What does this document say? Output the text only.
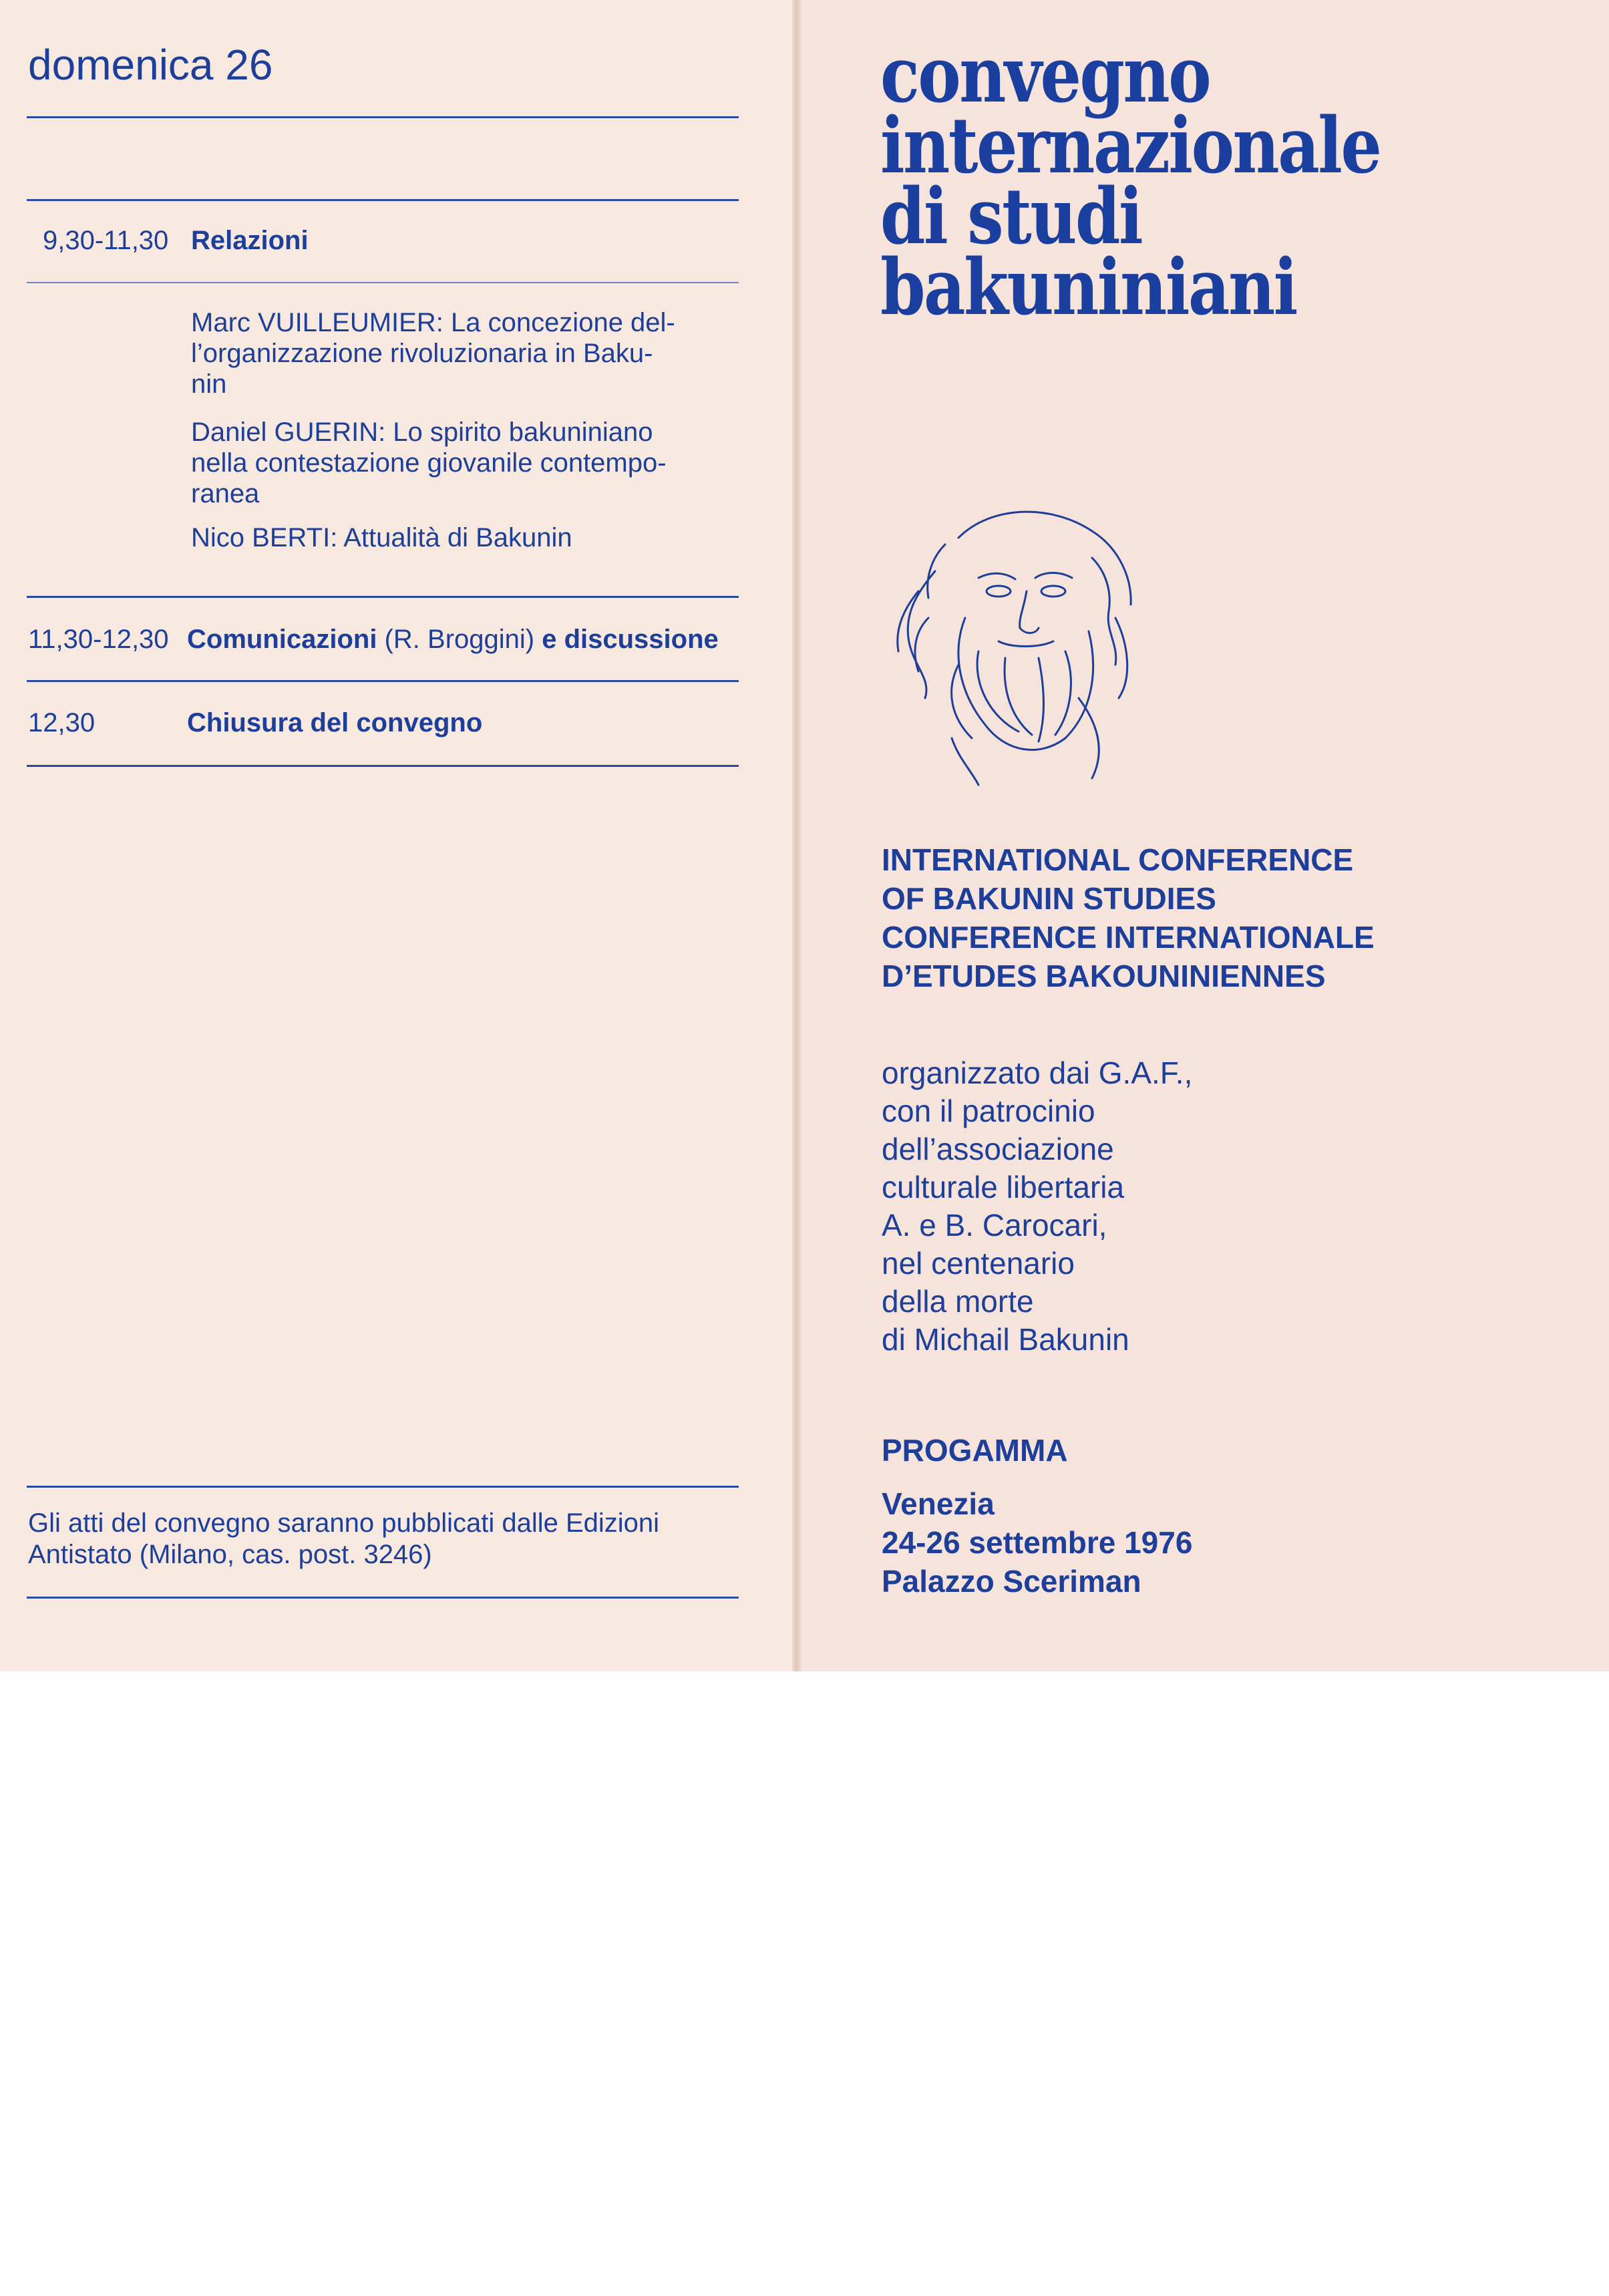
domenica 26
9,30-11,30 Relazioni
Marc VUILLEUMIER: La concezione del-
l’organizzazione rivoluzionaria in Baku-
nin
Daniel GUERIN: Lo spirito bakuniniano
nella contestazione giovanile contempo-
ranea
Nico BERTI: Attualità di Bakunin
11,30-12,30 Comunicazioni (R. Broggini) e discussione
12,30	Chiusura del convegno
Gli atti del convegno saranno pubblicati dalle Edizioni
Antistato (Milano, cas. post. 3246)
convegno
internazionale
di studi
bakuniniani
INTERNATIONAL CONFERENCE
OF BAKUNIN STUDIES
CONFERENCE INTERNATIONALE
D’ETUDES BAKOUNINIENNES
organizzato dai G.A.F.,
con il patrocinio
dell’associazione
culturale libertaria
A. e B. Carocari,
nel centenario
della morte
di Michail Bakunin
PROGAMMA
Venezia
24-26 settembre 1976
Palazzo Sceriman
